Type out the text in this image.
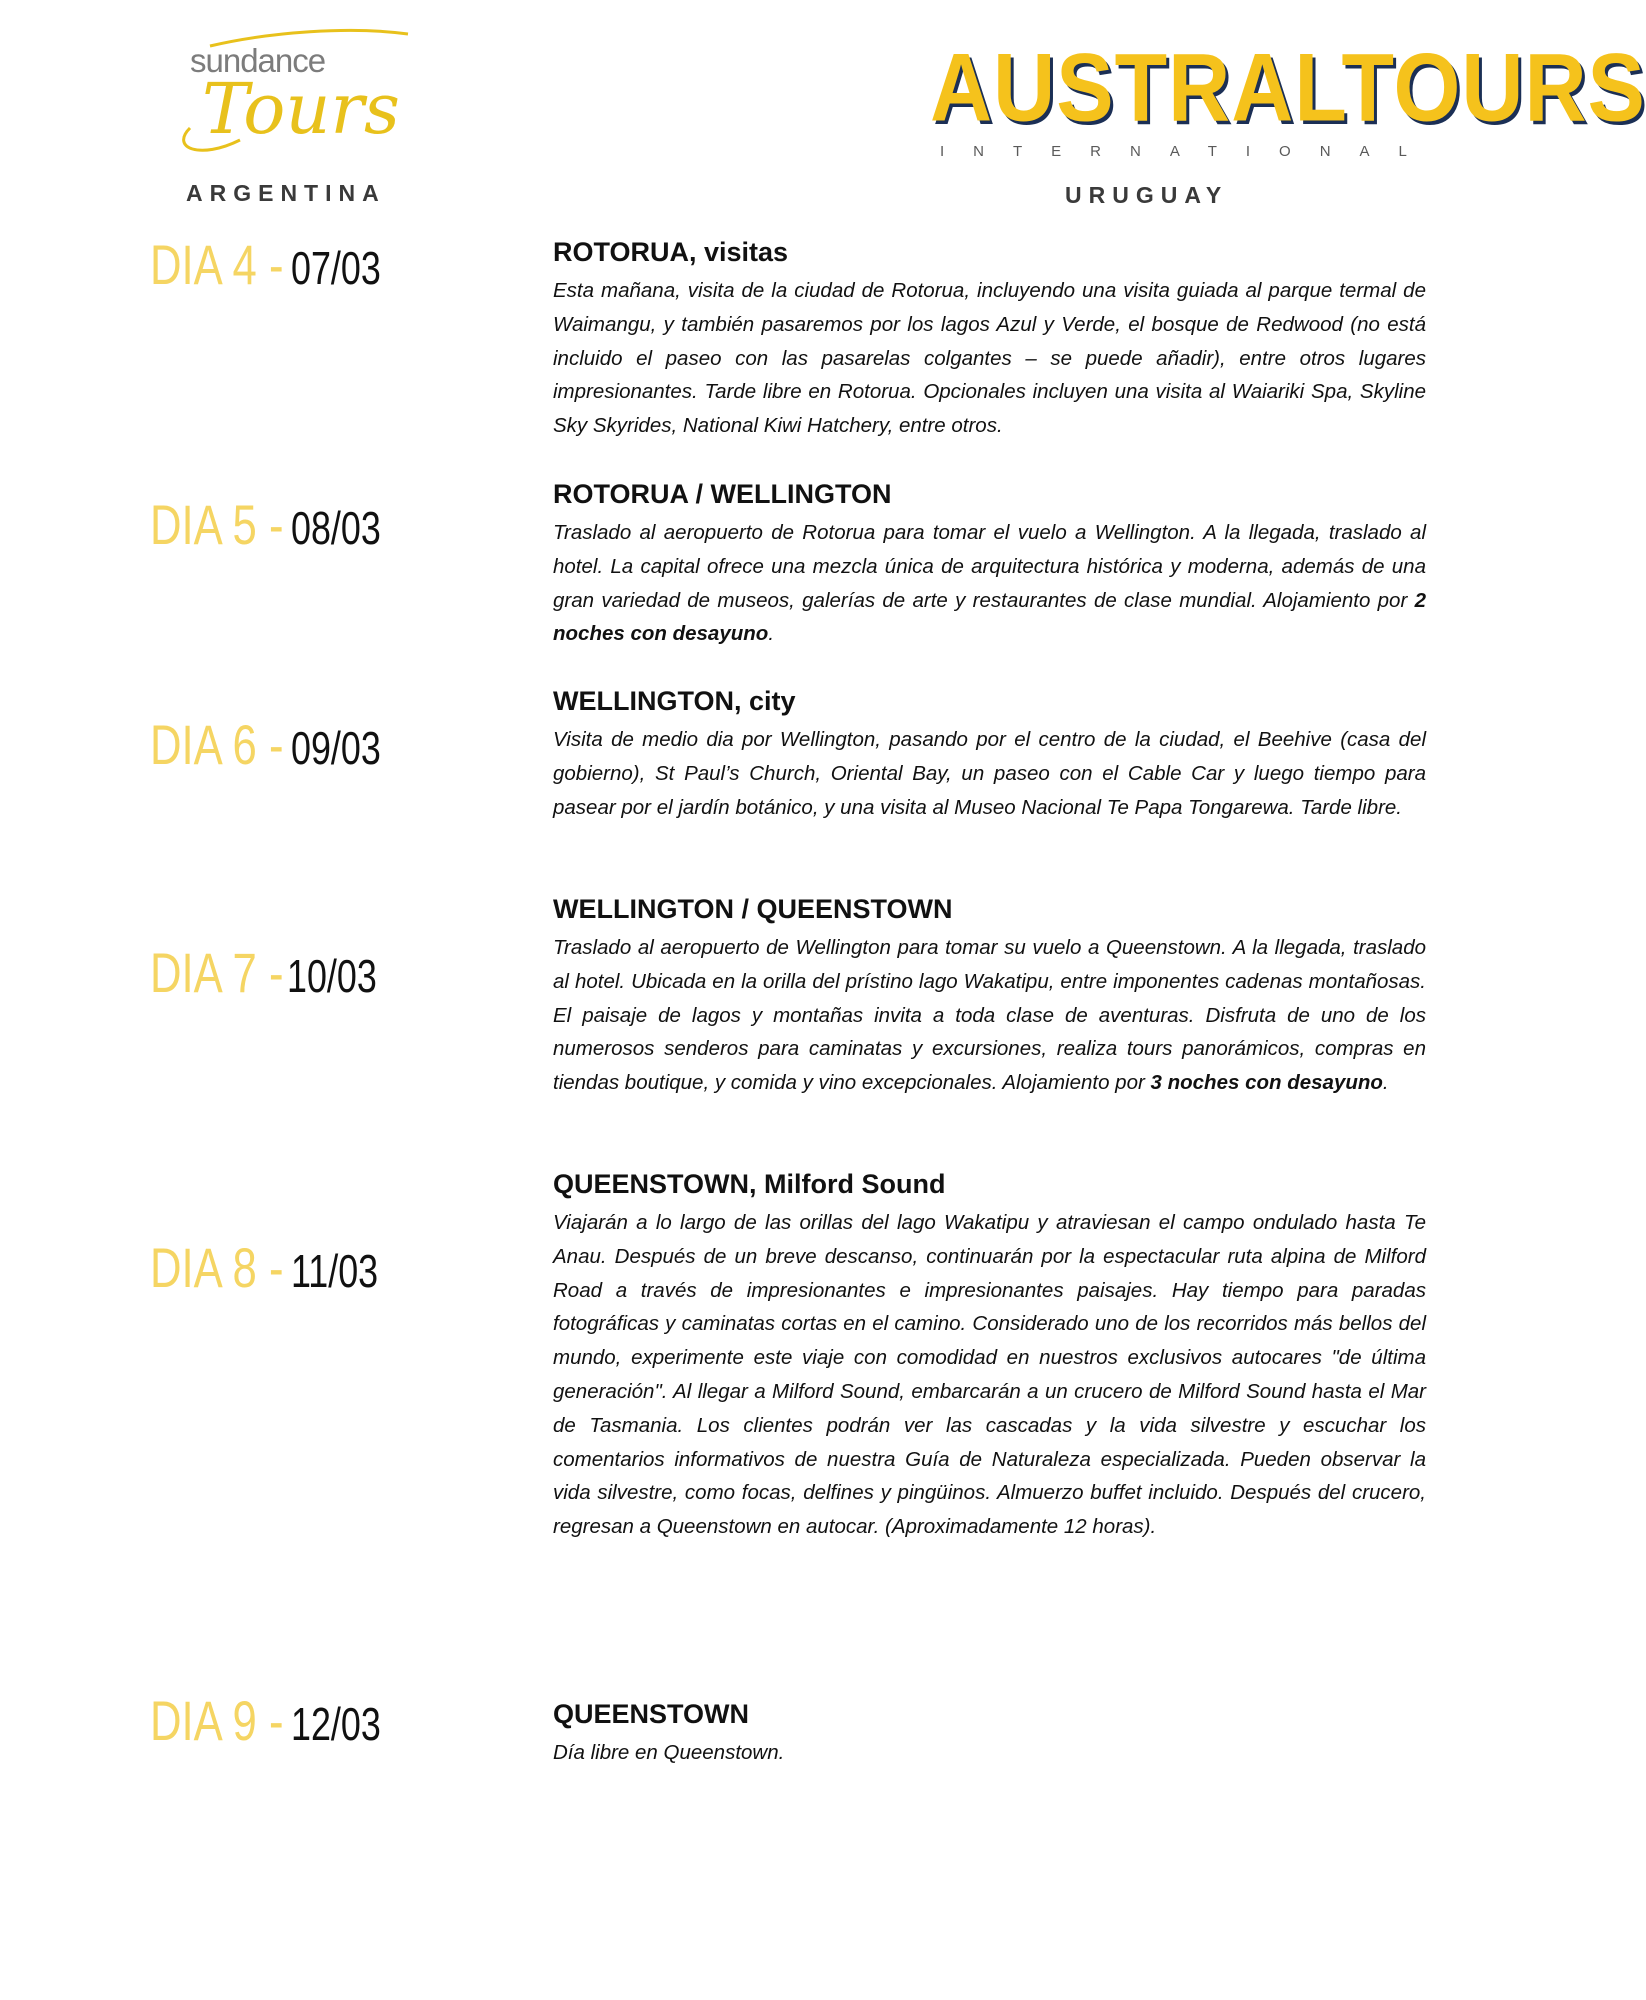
sundance
Tours
ARGENTINA
AUSTRALTOURS
INTERNATIONAL
URUGUAY
DIA 4 - 07/03	ROTORUA, visitas

Esta mañana, visita de la ciudad de Rotorua, incluyendo una visita guiada al parque termal de Waimangu, y también pasaremos por los lagos Azul y Verde, el bosque de Redwood (no está incluido el paseo con las pasarelas colgantes – se puede añadir), entre otros lugares impresionantes. Tarde libre en Rotorua. Opcionales incluyen una visita al Waiariki Spa, Skyline Sky Skyrides, National Kiwi Hatchery, entre otros.

DIA 5 - 08/03

ROTORUA / WELLINGTON

Traslado al aeropuerto de Rotorua para tomar el vuelo a Wellington. A la llegada, traslado al hotel. La capital ofrece una mezcla única de arquitectura histórica y moderna, además de una gran variedad de museos, galerías de arte y restaurantes de clase mundial. Alojamiento por 2 noches con desayuno.

DIA 6 - 09/03

WELLINGTON, city

Visita de medio dia por Wellington, pasando por el centro de la ciudad, el Beehive (casa del gobierno), St Paul’s Church, Oriental Bay, un paseo con el Cable Car y luego tiempo para pasear por el jardín botánico, y una visita al Museo Nacional Te Papa Tongarewa. Tarde libre.

DIA 7 - 10/03

WELLINGTON / QUEENSTOWN

Traslado al aeropuerto de Wellington para tomar su vuelo a Queenstown. A la llegada, traslado al hotel. Ubicada en la orilla del prístino lago Wakatipu, entre imponentes cadenas montañosas. El paisaje de lagos y montañas invita a toda clase de aventuras. Disfruta de uno de los numerosos senderos para caminatas y excursiones, realiza tours panorámicos, compras en tiendas boutique, y comida y vino excepcionales. Alojamiento por 3 noches con desayuno.

DIA 8 - 11/03

QUEENSTOWN, Milford Sound

Viajarán a lo largo de las orillas del lago Wakatipu y atraviesan el campo ondulado hasta Te Anau. Después de un breve descanso, continuarán por la espectacular ruta alpina de Milford Road a través de impresionantes e impresionantes paisajes. Hay tiempo para paradas fotográficas y caminatas cortas en el camino. Considerado uno de los recorridos más bellos del mundo, experimente este viaje con comodidad en nuestros exclusivos autocares "de última generación". Al llegar a Milford Sound, embarcarán a un crucero de Milford Sound hasta el Mar de Tasmania. Los clientes podrán ver las cascadas y la vida silvestre y escuchar los comentarios informativos de nuestra Guía de Naturaleza especializada. Pueden observar la vida silvestre, como focas, delfines y pingüinos. Almuerzo buffet incluido. Después del crucero, regresan a Queenstown en autocar. (Aproximadamente 12 horas).

DIA 9 - 12/03	QUEENSTOWN

Día libre en Queenstown.
